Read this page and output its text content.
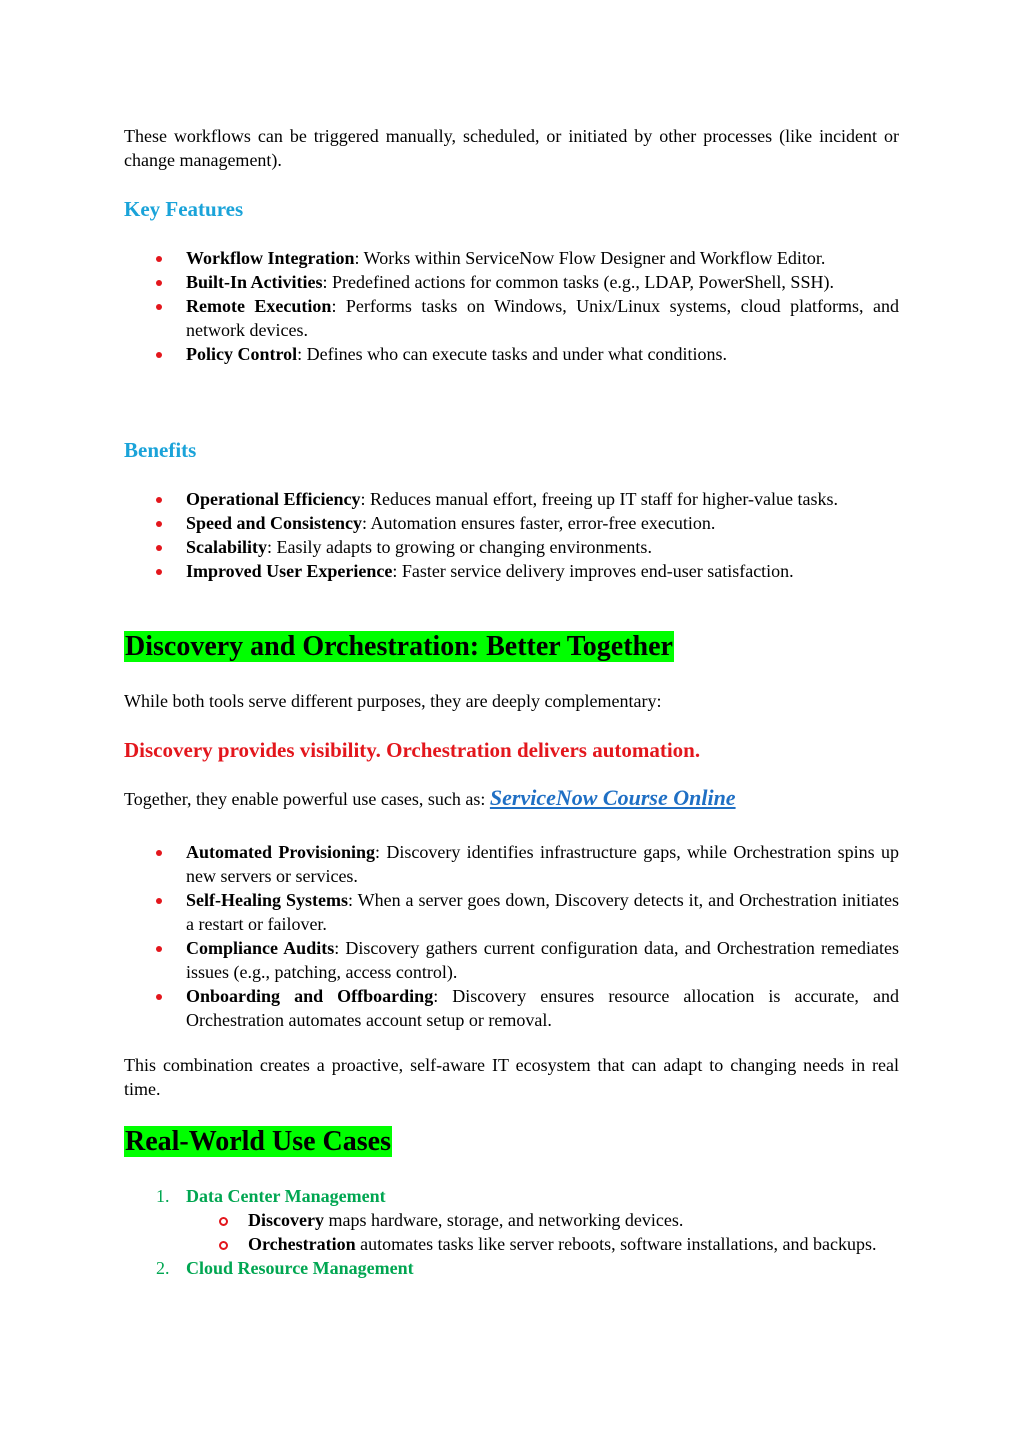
These workflows can be triggered manually, scheduled, or initiated by other processes (like incident or change management).

Key Features
Workflow Integration: Works within ServiceNow Flow Designer and Workflow Editor.
Built-In Activities: Predefined actions for common tasks (e.g., LDAP, PowerShell, SSH).
Remote Execution: Performs tasks on Windows, Unix/Linux systems, cloud platforms, and network devices.
Policy Control: Defines who can execute tasks and under what conditions.
Benefits
Operational Efficiency: Reduces manual effort, freeing up IT staff for higher-value tasks.
Speed and Consistency: Automation ensures faster, error-free execution.
Scalability: Easily adapts to growing or changing environments.
Improved User Experience: Faster service delivery improves end-user satisfaction.
Discovery and Orchestration: Better Together

While both tools serve different purposes, they are deeply complementary:

Discovery provides visibility. Orchestration delivers automation.

Together, they enable powerful use cases, such as: ServiceNow Course Online

Automated Provisioning: Discovery identifies infrastructure gaps, while Orchestration spins up new servers or services.
Self-Healing Systems: When a server goes down, Discovery detects it, and Orchestration initiates a restart or failover.
Compliance Audits: Discovery gathers current configuration data, and Orchestration remediates issues (e.g., patching, access control).
Onboarding and Offboarding: Discovery ensures resource allocation is accurate, and Orchestration automates account setup or removal.

This combination creates a proactive, self-aware IT ecosystem that can adapt to changing needs in real time.

Real-World Use Cases
1. Data Center Management
Discovery maps hardware, storage, and networking devices.
Orchestration automates tasks like server reboots, software installations, and backups.
2. Cloud Resource Management
